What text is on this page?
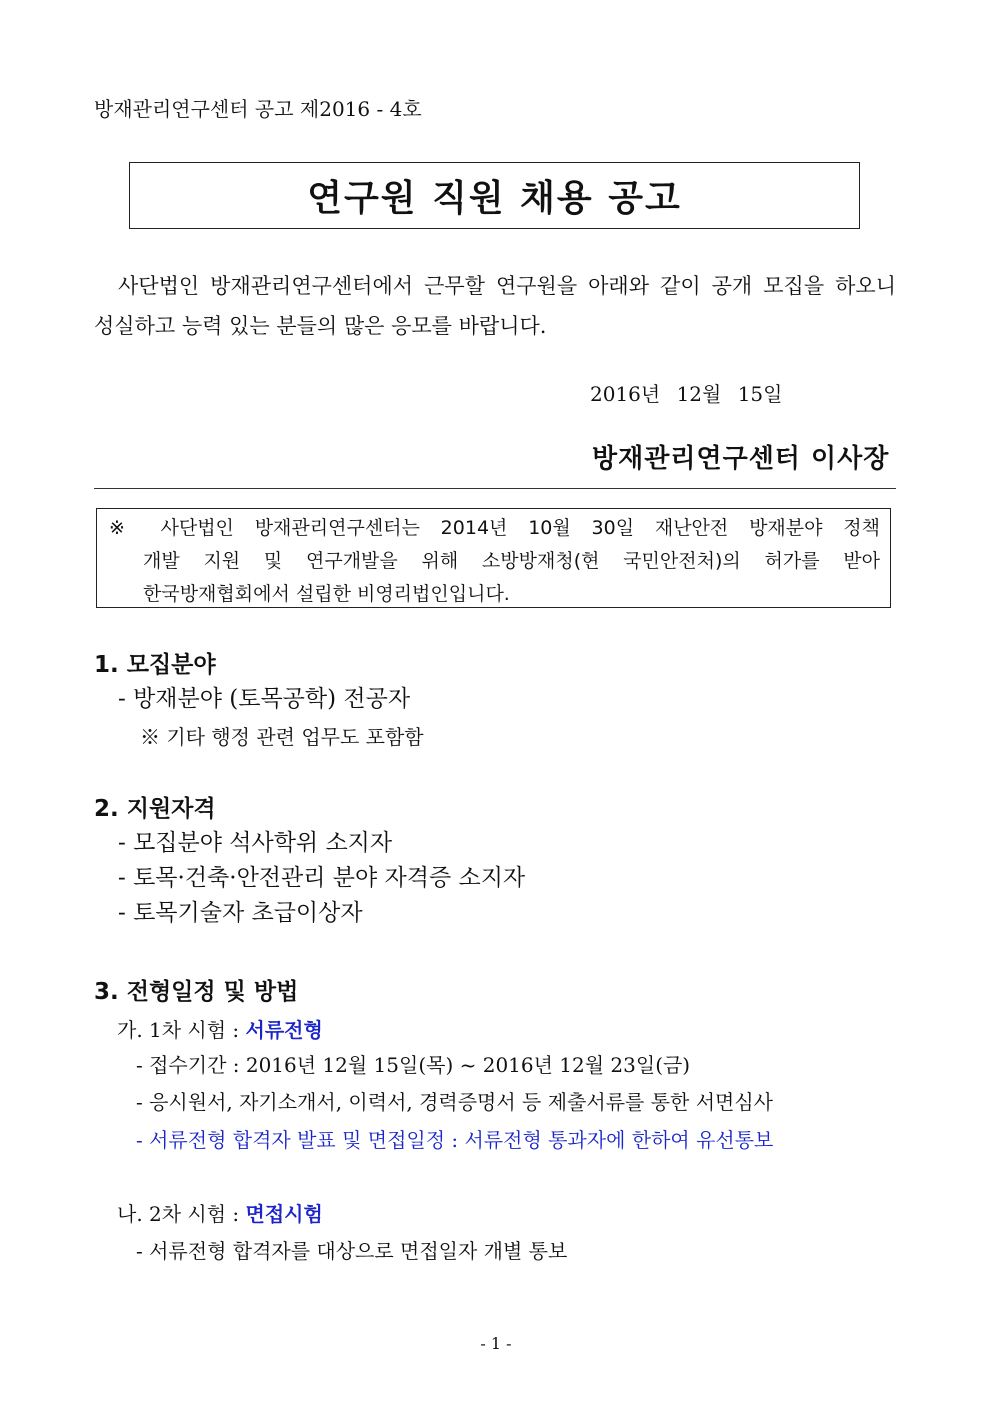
방재관리연구센터 공고 제2016 - 4호
연구원 직원 채용 공고

사단법인 방재관리연구센터에서 근무할 연구원을 아래와 같이 공개 모집을 하오니

성실하고 능력 있는 분들의 많은 응모를 바랍니다.

2016년 12월 15일
방재관리연구센터 이사장
※ 사단법인 방재관리연구센터는 2014년 10월 30일 재난안전 방재분야 정책
개발 지원 및 연구개발을 위해 소방방재청(현 국민안전처)의 허가를 받아
한국방재협회에서 설립한 비영리법인입니다.
1. 모집분야
- 방재분야 (토목공학) 전공자
※ 기타 행정 관련 업무도 포함함
2. 지원자격
- 모집분야 석사학위 소지자
- 토목·건축·안전관리 분야 자격증 소지자
- 토목기술자 초급이상자
3. 전형일정 및 방법
가. 1차 시험 : 서류전형
- 접수기간 : 2016년 12월 15일(목) ~ 2016년 12월 23일(금)
- 응시원서, 자기소개서, 이력서, 경력증명서 등 제출서류를 통한 서면심사
- 서류전형 합격자 발표 및 면접일정 : 서류전형 통과자에 한하여 유선통보
나. 2차 시험 : 면접시험
- 서류전형 합격자를 대상으로 면접일자 개별 통보
- 1 -
